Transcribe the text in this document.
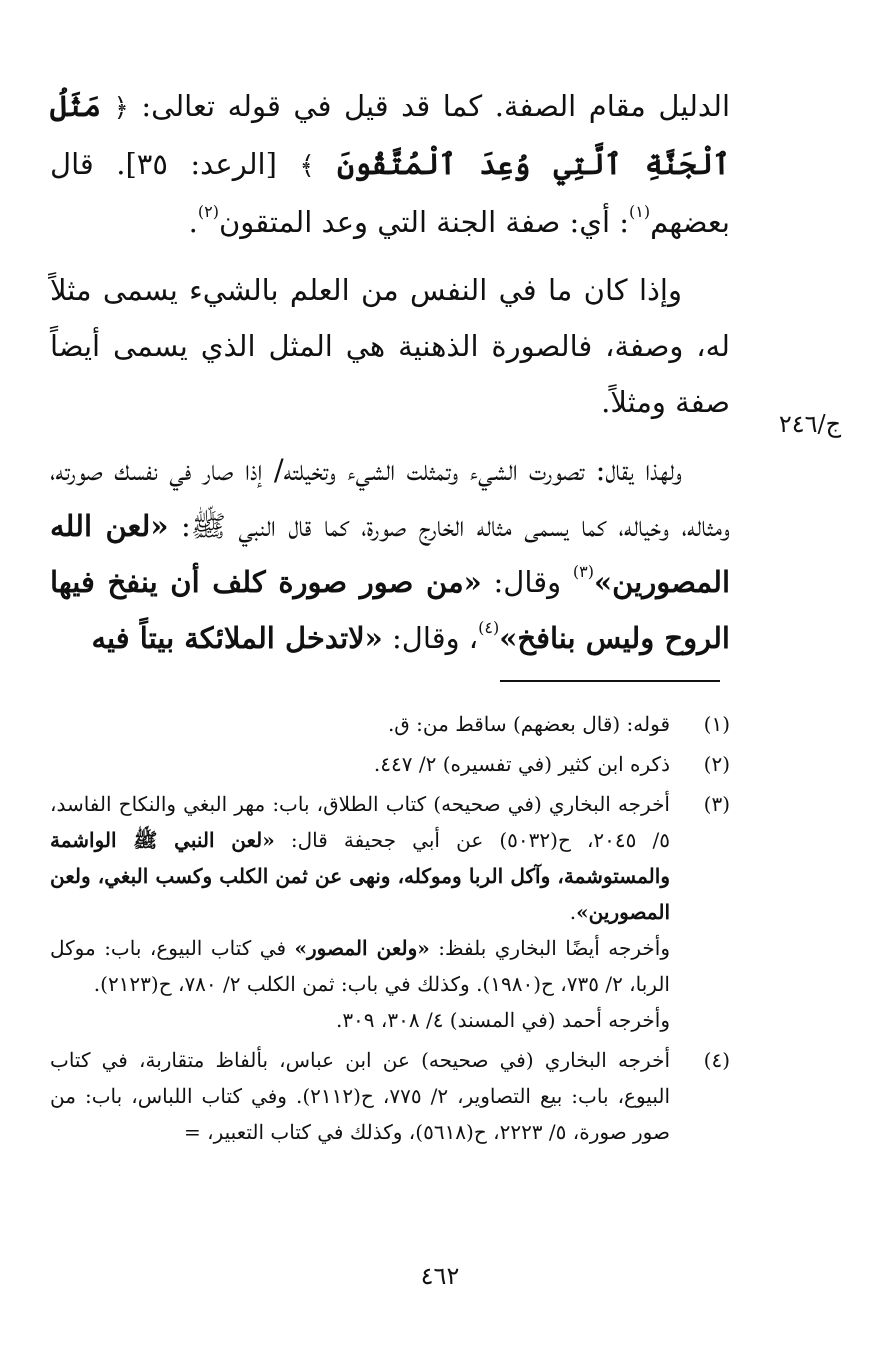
ج/٢٤٦

الدليل مقام الصفة. كما قد قيل في قوله تعالى: ﴿ مَثَلُ ٱلْجَنَّةِ ٱلَّتِي وُعِدَ ٱلْمُتَّقُونَ ﴾ [الرعد: ٣٥]. قال بعضهم$^{(١)}$: أي: صفة الجنة التي وعد المتقون$^{(٢)}$.

وإذا كان ما في النفس من العلم بالشيء يسمى مثلاً له، وصفة، فالصورة الذهنية هي المثل الذي يسمى أيضاً صفة ومثلاً.

ولهذا يقال: تصورت الشيء وتمثلت الشيء وتخيلته/ إذا صار في نفسك صورته، ومثاله، وخياله، كما يسمى مثاله الخارج صورة، كما قال النبي ﷺ: «لعن الله المصورين»$^{(٣)}$ وقال: «من صور صورة كلف أن ينفخ فيها الروح وليس بنافخ»$^{(٤)}$، وقال: «لاتدخل الملائكة بيتاً فيه

(١)
قوله: (قال بعضهم) ساقط من: ق.
(٢)
ذكره ابن كثير (في تفسيره) ٢/ ٤٤٧.
(٣)

أخرجه البخاري (في صحيحه) كتاب الطلاق، باب: مهر البغي والنكاح الفاسد، ٥/ ٢٠٤٥، ح(٥٠٣٢) عن أبي جحيفة قال: «لعن النبي ﷺ الواشمة والمستوشمة، وآكل الربا وموكله، ونهى عن ثمن الكلب وكسب البغي، ولعن المصورين».

وأخرجه أيضًا البخاري بلفظ: «ولعن المصور» في كتاب البيوع، باب: موكل الربا، ٢/ ٧٣٥، ح(١٩٨٠). وكذلك في باب: ثمن الكلب ٢/ ٧٨٠، ح(٢١٢٣).

وأخرجه أحمد (في المسند) ٤/ ٣٠٨، ٣٠٩.

(٤)
أخرجه البخاري (في صحيحه) عن ابن عباس، بألفاظ متقاربة، في كتاب البيوع، باب: بيع التصاوير، ٢/ ٧٧٥، ح(٢١١٢). وفي كتاب اللباس، باب: من صور صورة، ٥/ ٢٢٢٣، ح(٥٦١٨)، وكذلك في كتاب التعبير، =
٤٦٢
